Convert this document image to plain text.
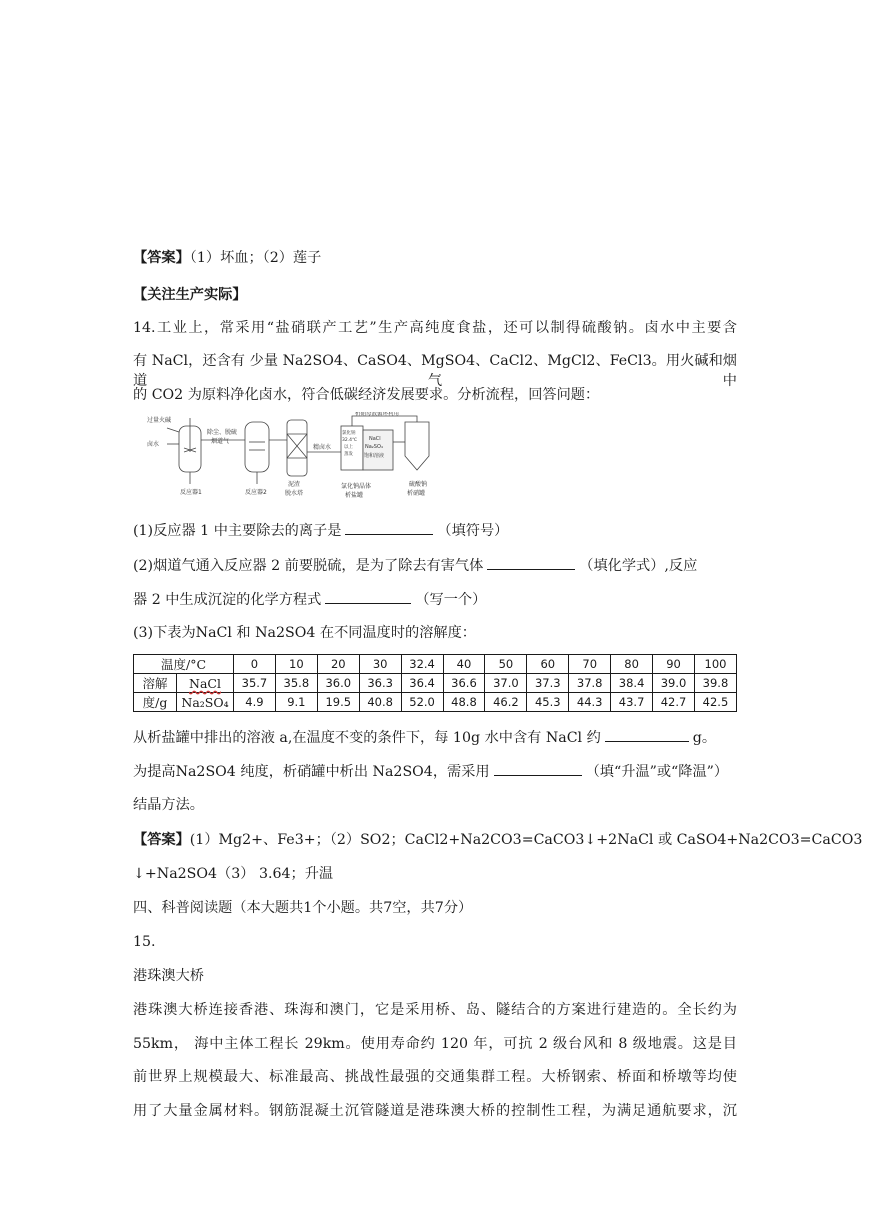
【答案】（1）坏血；（2）莲子
【关注生产实际】
14.工业上，常采用“盐硝联产工艺”生产高纯度食盐，还可以制得硫酸钠。卤水中主要含
有 NaCl，还含有 少量 Na2SO4、CaSO4、MgSO4、CaCl2、MgCl2、FeCl3。用火碱和烟道气中
的 CO2 为原料净化卤水，符合低碳经济发展要求。分析流程，回答问题：
过量火碱
卤水
除尘、脱硫
烟道气
反应器1	反应器2
泥渣
脱水塔
精卤水
析硝母液循环利用
氯化钠
32.4℃
以上
蒸发
NaCl
Na₂SO₄
饱和溶液
氯化钠晶体
析盐罐
硫酸钠
析硝罐
(1)反应器 1 中主要除去的离子是	（填符号）
(2)烟道气通入反应器 2 前要脱硫，是为了除去有害气体	（填化学式）,反应
器 2 中生成沉淀的化学方程式	（写一个）
(3)下表为NaCl 和 Na2SO4 在不同温度时的溶解度：
温度/°C		0	10	20	30	32.4	40	50	60	70	80	90	100
溶解	NaCl	35.7	35.8	36.0	36.3	36.4	36.6	37.0	37.3	37.8	38.4	39.0	39.8
度/g	Na₂SO₄	4.9	9.1	19.5	40.8	52.0	48.8	46.2	45.3	44.3	43.7	42.7	42.5
从析盐罐中排出的溶液 a,在温度不变的条件下，每 10g 水中含有 NaCl 约	g。
为提高Na2SO4 纯度，析硝罐中析出 Na2SO4，需采用	（填“升温”或“降温”）
结晶方法。
【答案】(1）Mg2+、Fe3+；（2）SO2；CaCl2+Na2CO3=CaCO3↓+2NaCl 或 CaSO4+Na2CO3=CaCO3
↓+Na2SO4（3） 3.64；升温
四、科普阅读题（本大题共1个小题。共7空，共7分）
15.
港珠澳大桥
港珠澳大桥连接香港、珠海和澳门，它是采用桥、岛、隧结合的方案进行建造的。全长约为
55km， 海中主体工程长 29km。使用寿命约 120 年，可抗 2 级台风和 8 级地震。这是目
前世界上规模最大、标准最高、挑战性最强的交通集群工程。大桥钢索、桥面和桥墩等均使
用了大量金属材料。钢筋混凝土沉管隧道是港珠澳大桥的控制性工程，为满足通航要求，沉
